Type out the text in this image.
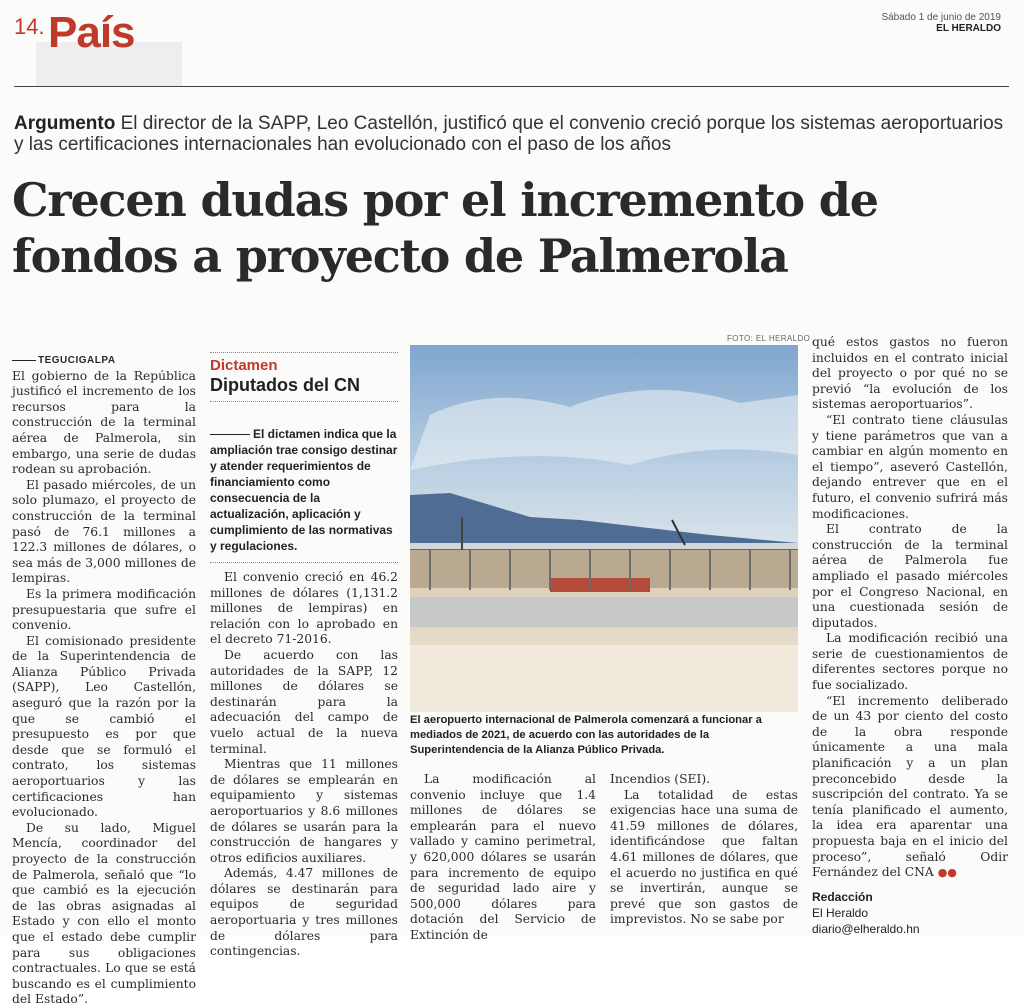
14. País	Sábado 1 de junio de 2019
EL HERALDO
Argumento El director de la SAPP, Leo Castellón, justificó que el convenio creció porque los sistemas aeroportuarios y las certificaciones internacionales han evolucionado con el paso de los años
Crecen dudas por el incremento de fondos a proyecto de Palmerola

TEGUCIGALPA

El gobierno de la República justificó el incremento de los recursos para la construcción de la terminal aérea de Palmerola, sin embargo, una serie de dudas rodean su aprobación.

El pasado miércoles, de un solo plumazo, el proyecto de construcción de la terminal pasó de 76.1 millones a 122.3 millones de dólares, o sea más de 3,000 millones de lempiras.

Es la primera modificación presupuestaria que sufre el convenio.

El comisionado presidente de la Superintendencia de Alianza Público Privada (SAPP), Leo Castellón, aseguró que la razón por la que se cambió el presupuesto es por que desde que se formuló el contrato, los sistemas aeroportuarios y las certificaciones han evolucionado.

De su lado, Miguel Mencía, coordinador del proyecto de la construcción de Palmerola, señaló que “lo que cambió es la ejecución de las obras asignadas al Estado y con ello el monto que el estado debe cumplir para sus obligaciones contractuales. Lo que se está buscando es el cumplimiento del Estado”.

Dictamen
Diputados del CN
El dictamen indica que la ampliación trae consigo destinar y atender requerimientos de financiamiento como consecuencia de la actualización, aplicación y cumplimiento de las normativas y regulaciones.

El convenio creció en 46.2 millones de dólares (1,131.2 millones de lempiras) en relación con lo aprobado en el decreto 71-2016.

De acuerdo con las autoridades de la SAPP, 12 millones de dólares se destinarán para la adecuación del campo de vuelo actual de la nueva terminal.

Mientras que 11 millones de dólares se emplearán en equipamiento y sistemas aeroportuarios y 8.6 millones de dólares se usarán para la construcción de hangares y otros edificios auxiliares.

Además, 4.47 millones de dólares se destinarán para equipos de seguridad aeroportuaria y tres millones de dólares para contingencias.

FOTO: EL HERALDO
El aeropuerto internacional de Palmerola comenzará a funcionar a mediados de 2021, de acuerdo con las autoridades de la Superintendencia de la Alianza Público Privada.

La modificación al convenio incluye que 1.4 millones de dólares se emplearán para el nuevo vallado y camino perimetral, y 620,000 dólares se usarán para incremento de equipo de seguridad lado aire y 500,000 dólares para dotación del Servicio de Extinción de

Incendios (SEI).

La totalidad de estas exigencias hace una suma de 41.59 millones de dólares, identificándose que faltan 4.61 millones de dólares, que el acuerdo no justifica en qué se invertirán, aunque se prevé que son gastos de imprevistos. No se sabe por

qué estos gastos no fueron incluidos en el contrato inicial del proyecto o por qué no se previó “la evolución de los sistemas aeroportuarios”.

“El contrato tiene cláusulas y tiene parámetros que van a cambiar en algún momento en el tiempo”, aseveró Castellón, dejando entrever que en el futuro, el convenio sufrirá más modificaciones.

El contrato de la construcción de la terminal aérea de Palmerola fue ampliado el pasado miércoles por el Congreso Nacional, en una cuestionada sesión de diputados.

La modificación recibió una serie de cuestionamientos de diferentes sectores porque no fue socializado.

“El incremento deliberado de un 43 por ciento del costo de la obra responde únicamente a una mala planificación y a un plan preconcebido desde la suscripción del contrato. Ya se tenía planificado el aumento, la idea era aparentar una propuesta baja en el inicio del proceso”, señaló Odir Fernández del CNA ●●

Redacción
El Heraldo
diario@elheraldo.hn
